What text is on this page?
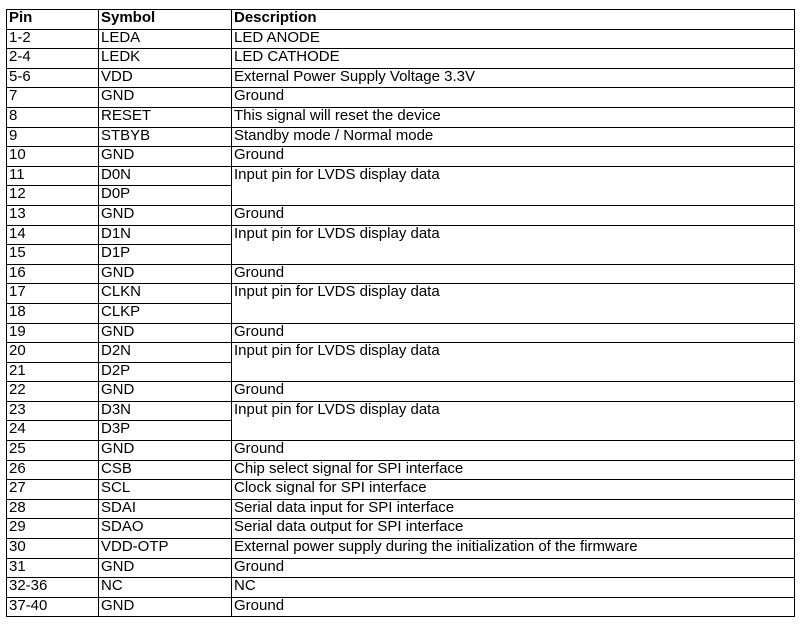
Pin	Symbol	Description
1-2	LEDA	LED ANODE
2-4	LEDK	LED CATHODE
5-6	VDD	External Power Supply Voltage 3.3V
7	GND	Ground
8	RESET	This signal will reset the device
9	STBYB	Standby mode / Normal mode
10	GND	Ground
11	D0N	Input pin for LVDS display data
12	D0P	
13	GND	Ground
14	D1N	Input pin for LVDS display data
15	D1P	
16	GND	Ground
17	CLKN	Input pin for LVDS display data
18	CLKP	
19	GND	Ground
20	D2N	Input pin for LVDS display data
21	D2P	
22	GND	Ground
23	D3N	Input pin for LVDS display data
24	D3P	
25	GND	Ground
26	CSB	Chip select signal for SPI interface
27	SCL	Clock signal for SPI interface
28	SDAI	Serial data input for SPI interface
29	SDAO	Serial data output for SPI interface
30	VDD-OTP	External power supply during the initialization of the firmware
31	GND	Ground
32-36	NC	NC
37-40	GND	Ground
